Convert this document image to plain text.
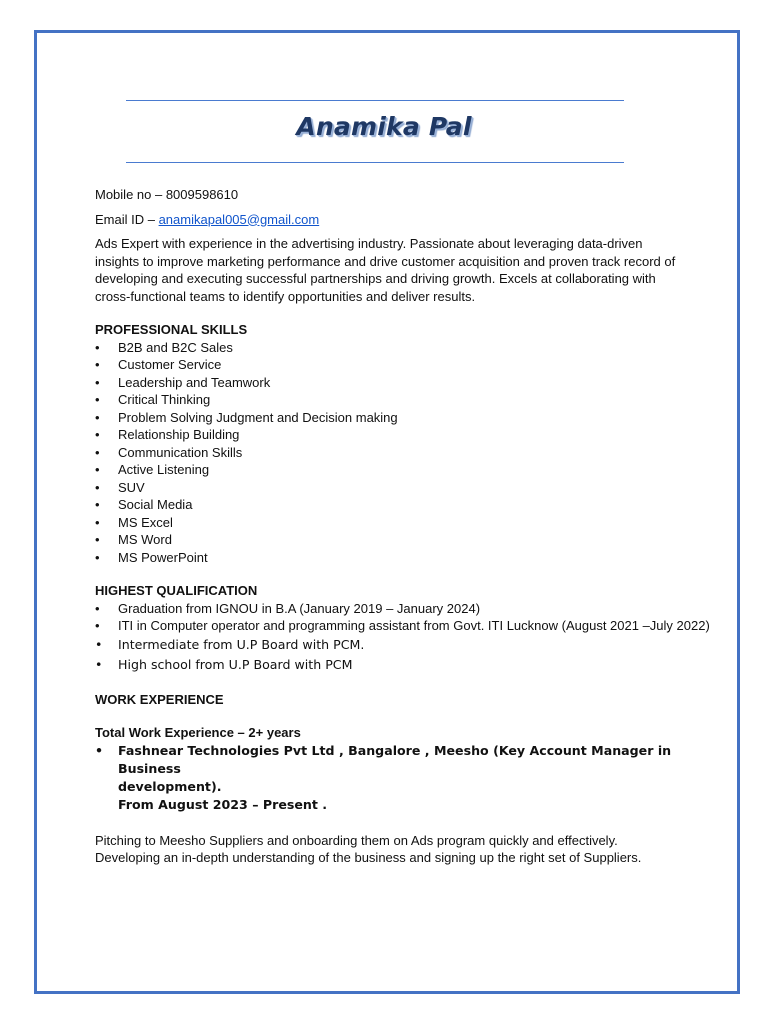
Anamika Pal

Mobile no – 8009598610

Email ID – anamikapal005@gmail.com

Ads Expert with experience in the advertising industry. Passionate about leveraging data-driven

insights to improve marketing performance and drive customer acquisition and proven track record of

developing and executing successful partnerships and driving growth. Excels at collaborating with

cross-functional teams to identify opportunities and deliver results.

PROFESSIONAL SKILLS

• B2B and B2C Sales
• Customer Service
• Leadership and Teamwork
• Critical Thinking
• Problem Solving Judgment and Decision making
• Relationship Building
• Communication Skills
• Active Listening
• SUV
• Social Media
• MS Excel
• MS Word
• MS PowerPoint

HIGHEST QUALIFICATION

• Graduation from IGNOU in B.A (January 2019 – January 2024)
• ITI in Computer operator and programming assistant from Govt. ITI Lucknow (August 2021 –July 2022)
• Intermediate from U.P Board with PCM.
• High school from U.P Board with PCM

WORK EXPERIENCE

Total Work Experience – 2+ years

• Fashnear Technologies Pvt Ltd , Bangalore , Meesho (Key Account Manager in Business
development).
From August 2023 – Present .

Pitching to Meesho Suppliers and onboarding them on Ads program quickly and effectively.

Developing an in-depth understanding of the business and signing up the right set of Suppliers.
